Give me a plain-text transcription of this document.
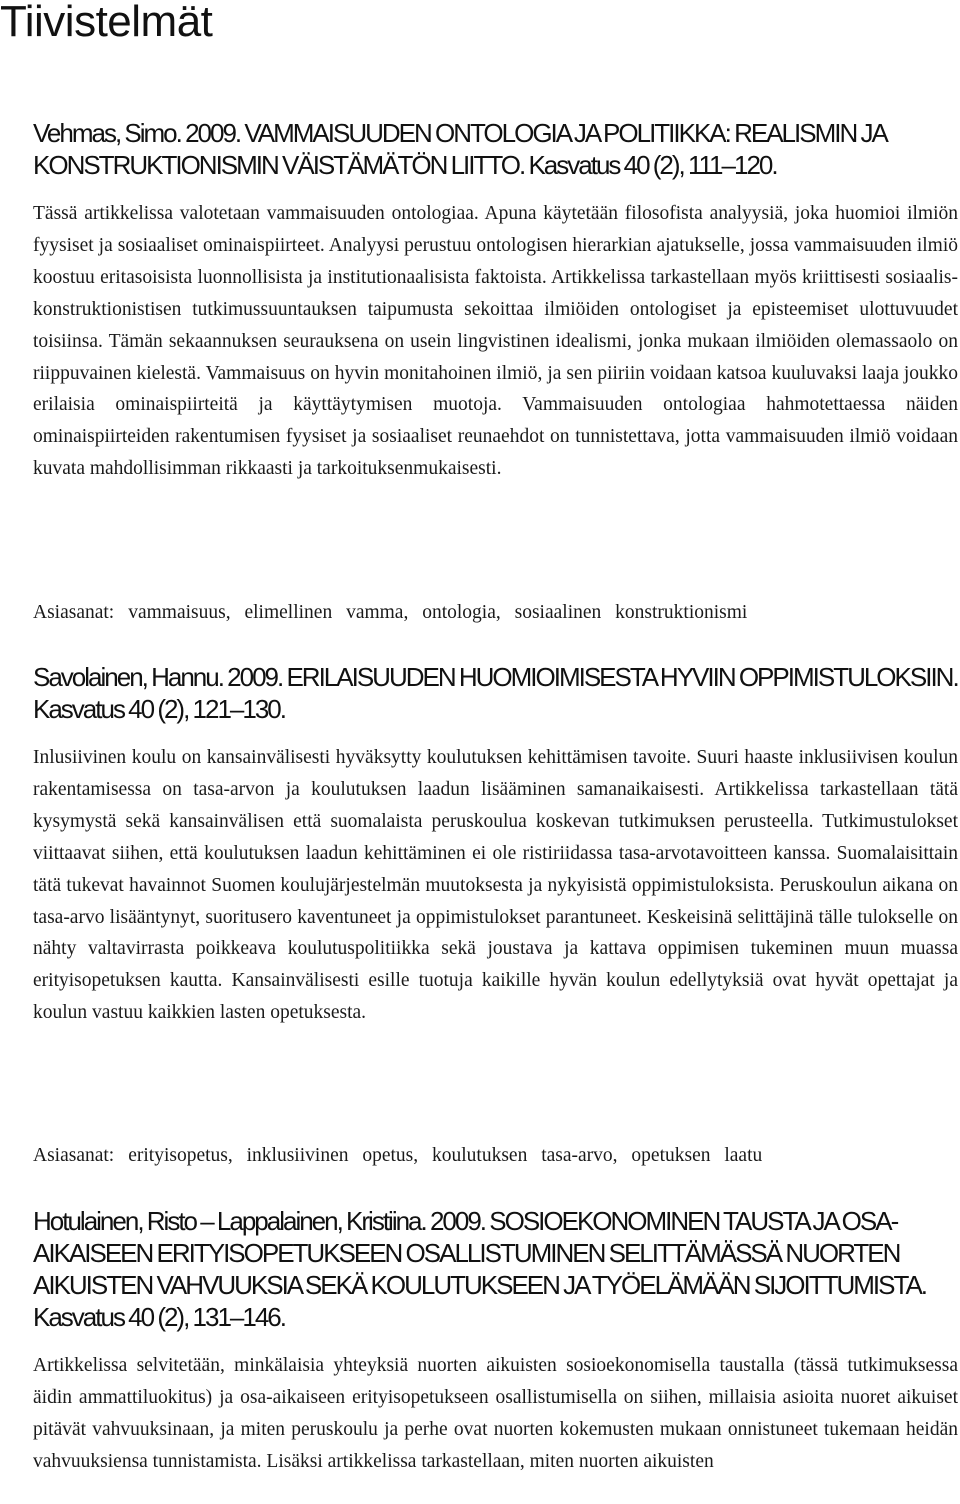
Tiivistelmät
Vehmas, Simo. 2009. VAMMAISUUDEN ONTOLOGIA JA POLITIIKKA: REALISMIN JA KONSTRUKTIONISMIN VÄISTÄMÄTÖN LIITTO. Kasvatus 40 (2), 111–120.

Tässä artikkelissa valotetaan vammaisuuden ontologiaa. Apuna käytetään filosofista analyysiä, joka huomioi ilmiön fyysiset ja sosiaaliset ominaispiirteet. Analyysi perustuu ontologisen hierarkian ajatukselle, jossa vammaisuuden ilmiö koostuu eritasoisista luonnollisista ja institutionaalisista faktoista. Artikkelissa tarkastellaan myös kriittisesti sosiaalis-konstruktionistisen tutkimussuuntauksen taipumusta sekoittaa ilmiöiden ontologiset ja episteemiset ulottuvuudet toisiinsa. Tämän sekaannuksen seurauksena on usein lingvistinen idealismi, jonka mukaan ilmiöiden olemassaolo on riippuvainen kielestä. Vammaisuus on hyvin monitahoinen ilmiö, ja sen piiriin voidaan katsoa kuuluvaksi laaja joukko erilaisia ominaispiirteitä ja käyttäytymisen muotoja. Vammaisuuden ontologiaa hahmotettaessa näiden ominaispiirteiden rakentumisen fyysiset ja sosiaaliset reunaehdot on tunnistettava, jotta vammaisuuden ilmiö voidaan kuvata mahdollisimman rikkaasti ja tarkoituksenmukaisesti.

Asiasanat: vammaisuus, elimellinen vamma, ontologia, sosiaalinen konstruktionismi

Savolainen, Hannu. 2009. ERILAISUUDEN HUOMIOIMISESTA HYVIIN OPPIMISTULOKSIIN. Kasvatus 40 (2), 121–130.

Inlusiivinen koulu on kansainvälisesti hyväksytty koulutuksen kehittämisen tavoite. Suuri haaste inklusiivisen koulun rakentamisessa on tasa-arvon ja koulutuksen laadun lisääminen samanaikaisesti. Artikkelissa tarkastellaan tätä kysymystä sekä kansainvälisen että suomalaista peruskoulua koskevan tutkimuksen perusteella. Tutkimustulokset viittaavat siihen, että koulutuksen laadun kehittäminen ei ole ristiriidassa tasa-arvotavoitteen kanssa. Suomalaisittain tätä tukevat havainnot Suomen koulujärjestelmän muutoksesta ja nykyisistä oppimistuloksista. Peruskoulun aikana on tasa-arvo lisääntynyt, suoritusero kaventuneet ja oppimistulokset parantuneet. Keskeisinä selittäjinä tälle tulokselle on nähty valtavirrasta poikkeava koulutuspolitiikka sekä joustava ja kattava oppimisen tukeminen muun muassa erityisopetuksen kautta. Kansainvälisesti esille tuotuja kaikille hyvän koulun edellytyksiä ovat hyvät opettajat ja koulun vastuu kaikkien lasten opetuksesta.

Asiasanat: erityisopetus, inklusiivinen opetus, koulutuksen tasa-arvo, opetuksen laatu

Hotulainen, Risto – Lappalainen, Kristiina. 2009. SOSIOEKONOMINEN TAUSTA JA OSA-AIKAISEEN ERITYISOPETUKSEEN OSALLISTUMINEN SELITTÄMÄSSÄ NUORTEN AIKUISTEN VAHVUUKSIA SEKÄ KOULUTUKSEEN JA TYÖELÄMÄÄN SIJOITTUMISTA. Kasvatus 40 (2), 131–146.

Artikkelissa selvitetään, minkälaisia yhteyksiä nuorten aikuisten sosioekonomisella taustalla (tässä tutkimuksessa äidin ammattiluokitus) ja osa-aikaiseen erityisopetukseen osallistumisella on siihen, millaisia asioita nuoret aikuiset pitävät vahvuuksinaan, ja miten peruskoulu ja perhe ovat nuorten kokemusten mukaan onnistuneet tukemaan heidän vahvuuksiensa tunnistamista. Lisäksi artikkelissa tarkastellaan, miten nuorten aikuisten
